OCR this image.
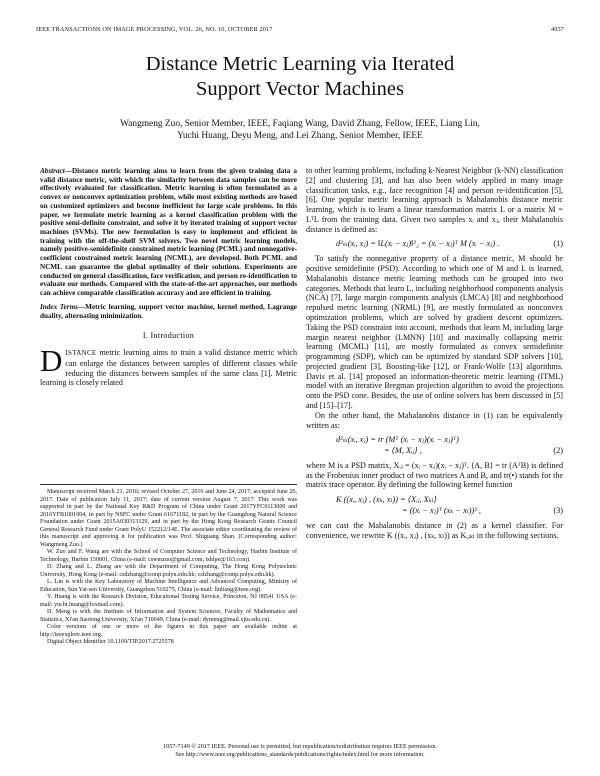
IEEE TRANSACTIONS ON IMAGE PROCESSING, VOL. 26, NO. 10, OCTOBER 2017	4937
Distance Metric Learning via Iterated
Support Vector Machines
Wangmeng Zuo, Senior Member, IEEE, Faqiang Wang, David Zhang, Fellow, IEEE, Liang Lin,
Yuchi Huang, Deyu Meng, and Lei Zhang, Senior Member, IEEE
Abstract—Distance metric learning aims to learn from the given training data a valid distance metric, with which the similarity between data samples can be more effectively evaluated for classification. Metric learning is often formulated as a convex or nonconvex optimization problem, while most existing methods are based on customized optimizers and become inefficient for large scale problems. In this paper, we formulate metric learning as a kernel classification problem with the positive semi-definite constraint, and solve it by iterated training of support vector machines (SVMs). The new formulation is easy to implement and efficient in training with the off-the-shelf SVM solvers. Two novel metric learning models, namely positive-semidefinite constrained metric learning (PCML) and nonnegative-coefficient constrained metric learning (NCML), are developed. Both PCML and NCML can guarantee the global optimality of their solutions. Experiments are conducted on general classification, face verification, and person re-identification to evaluate our methods. Compared with the state-of-the-art approaches, our methods can achieve comparable classification accuracy and are efficient in training.
Index Terms—Metric learning, support vector machine, kernel method, Lagrange duality, alternating minimization.
I. Introduction
DISTANCE metric learning aims to train a valid distance metric which can enlarge the distances between samples of different classes while reducing the distances between samples of the same class [1]. Metric learning is closely related

Manuscript received March 21, 2016; revised October 27, 2016 and June 24, 2017; accepted June 26, 2017. Date of publication July 11, 2017; date of current version August 7, 2017. This work was supported in part by the National Key R&D Program of China under Grant 2017YFC0113000 and 2016YFB1001004, in part by NSFC under Grant 61671182, in part by the Guangdong Natural Science Foundation under Grant 2015A030313129, and in part by the Hong Kong Research Grants Council General Research Fund under Grant PolyU 152212/14E. The associate editor coordinating the review of this manuscript and approving it for publication was Prof. Shiguang Shan. (Corresponding author: Wangmeng Zuo.)

W. Zuo and F. Wang are with the School of Computer Science and Technology, Harbin Institute of Technology, Harbin 150001, China (e-mail: cswmzuo@gmail.com; tshlpe@163.com).

D. Zhang and L. Zhang are with the Department of Computing, The Hong Kong Polytechnic University, Hong Kong (e-mail: csdzhang@comp.polyu.edu.hk; cslzhang@comp.polyu.edu.hk).

L. Lin is with the Key Laboratory of Machine Intelligence and Advanced Computing, Ministry of Education, Sun Yat-sen University, Guangzhou 510275, China (e-mail: linliang@ieee.org).

Y. Huang is with the Research Division, Educational Testing Service, Princeton, NJ 08541 USA (e-mail: yuchi.huang@foxmail.com).

D. Meng is with the Institute of Information and System Sciences, Faculty of Mathematics and Statistics, Xi'an Jiaotong University, Xi'an 710049, China (e-mail: dymeng@mail.xjtu.edu.cn).

Color versions of one or more of the figures in this paper are available online at http://ieeexplore.ieee.org.

Digital Object Identifier 10.1109/TIP.2017.2725578

to other learning problems, including k-Nearest Neighbor (k-NN) classification [2] and clustering [3], and has also been widely applied in many image classification tasks, e.g., face recognition [4] and person re-identification [5], [6]. One popular metric learning approach is Mahalanobis distance metric learning, which is to learn a linear transformation matrix L or a matrix M = LᵀL from the training data. Given two samples xᵢ and xⱼ, their Mahalanobis distance is defined as:

d²ₘ(xᵢ, xⱼ) = ‖L(xᵢ − xⱼ)‖²₂ = (xᵢ − xⱼ)ᵀ M (xᵢ − xⱼ) .	(1)

To satisfy the nonnegative property of a distance metric, M should be positive semidefinite (PSD). According to which one of M and L is learned, Mahalanobis distance metric learning methods can be grouped into two categories. Methods that learn L, including neighborhood components analysis (NCA) [7], large margin components analysis (LMCA) [8] and neighborhood repulsed metric learning (NRML) [9], are mostly formulated as nonconvex optimization problems, which are solved by gradient descent optimizers. Taking the PSD constraint into account, methods that learn M, including large margin nearest neighbor (LMNN) [10] and maximally collapsing metric learning (MCML) [11], are mostly formulated as convex semidefinite programming (SDP), which can be optimized by standard SDP solvers [10], projected gradient [3], Boosting-like [12], or Frank-Wolfe [13] algorithms. Davis et al. [14] proposed an information-theoretic metric learning (ITML) model with an iterative Bregman projection algorithm to avoid the projections onto the PSD cone. Besides, the use of online solvers has been discussed in [5] and [15]–[17].

On the other hand, the Mahalanobis distance in (1) can be equivalently written as:

d²ₘ(xᵢ, xⱼ) = tr (Mᵀ (xᵢ − xⱼ)(xᵢ − xⱼ)ᵀ)
= ⟨M, Xᵢⱼ⟩ ,	(2)

where M is a PSD matrix, Xᵢⱼ = (xᵢ − xⱼ)(xᵢ − xⱼ)ᵀ. ⟨A, B⟩ = tr (AᵀB) is defined as the Frobenius inner product of two matrices A and B, and tr(•) stands for the matrix trace operator. By defining the following kernel function

K ((xᵢ, xⱼ) , (xₖ, xₗ)) = ⟨Xᵢⱼ, Xₖₗ⟩
= ((xᵢ − xⱼ)ᵀ (xₖ − xₗ))² ,	(3)

we can cast the Mahalanobis distance in (2) as a kernel classifier. For convenience, we rewrite K ((xᵢ, xⱼ) , (xₖ, xₗ)) as Kᵢⱼₖₗ in the following sections.

1057-7149 © 2017 IEEE. Personal use is permitted, but republication/redistribution requires IEEE permission.
See http://www.ieee.org/publications_standards/publications/rights/index.html for more information.
